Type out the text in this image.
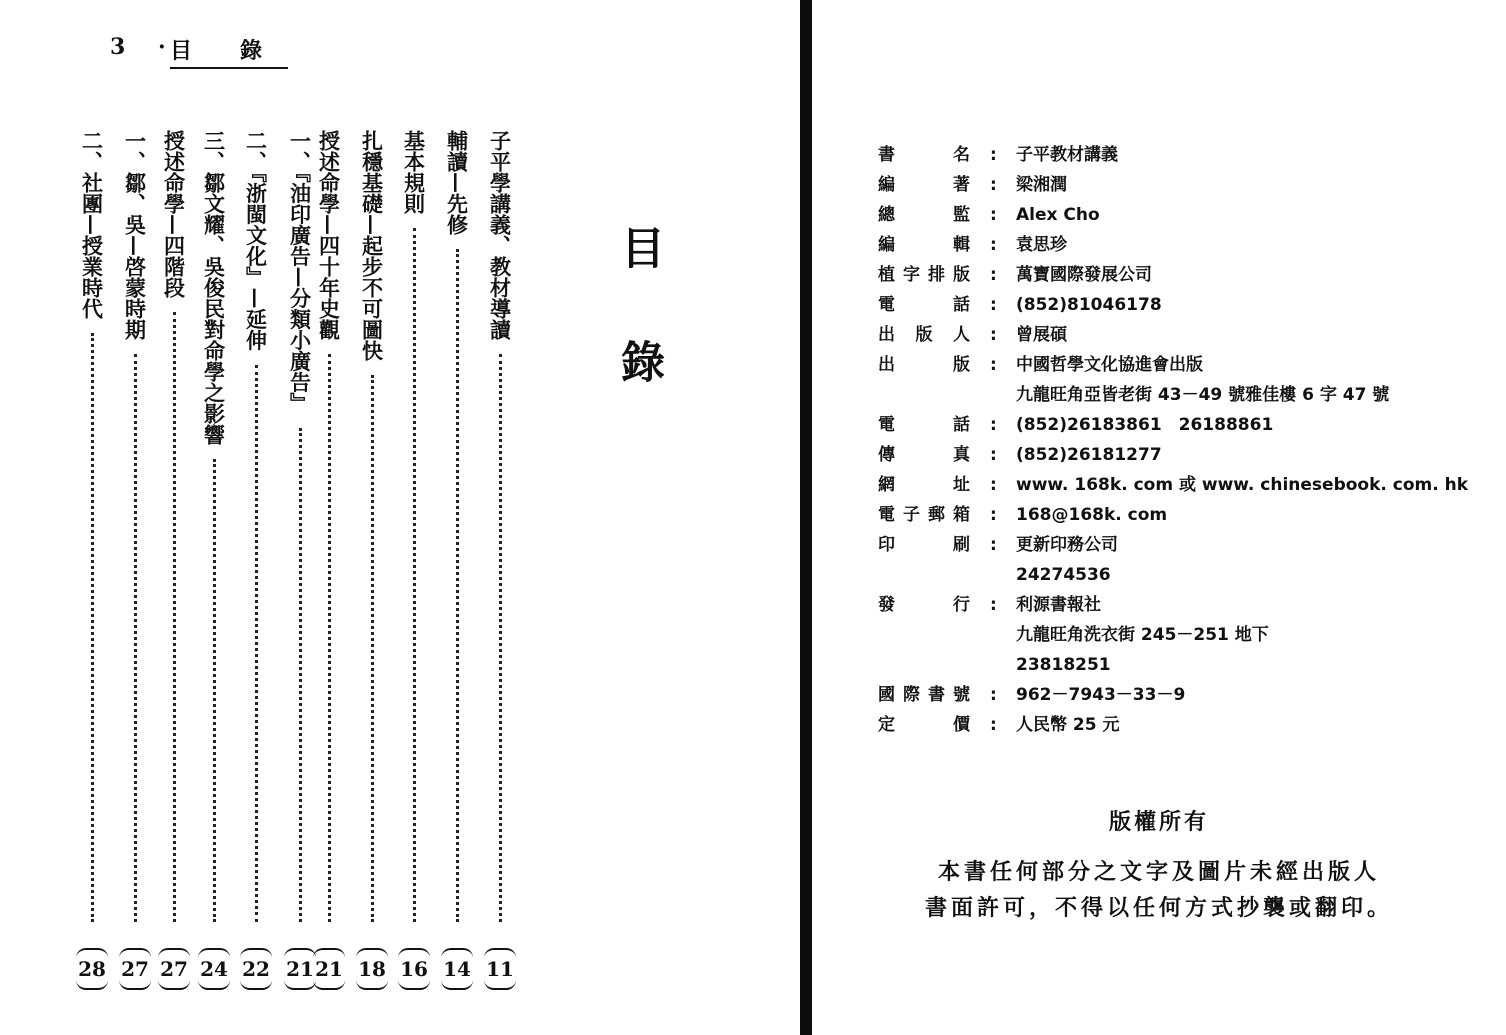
3
· 目錄
目錄
子平學講義、教材導讀
11
輔讀—先修
14
基本規則
16
扎穩基礎—起步不可圖快
18
授述命學—四十年史觀
21
一、『油印廣告—分類小廣告』
21
二、『浙閩文化』—延伸
22
三、鄒文耀、吳俊民對命學之影響
24
授述命學—四階段
27
一、鄒、吳—啓蒙時期
27
二、社團—授業時代
28
書名 : 子平教材講義
編著 : 梁湘潤
總監 : Alex Cho
編輯 : 袁思珍
植字排版 : 萬寶國際發展公司
電話 : (852)81046178
出版人 : 曾展碩
出版 : 中國哲學文化協進會出版
九龍旺角亞皆老街 43－49 號雅佳樓 6 字 47 號
電話 : (852)26183861　26188861
傳真 : (852)26181277
網址 : www. 168k. com 或 www. chinesebook. com. hk
電子郵箱 : 168@168k. com
印刷 : 更新印務公司
24274536
發行 : 利源書報社
九龍旺角洗衣街 245－251 地下
23818251
國際書號 : 962－7943－33－9
定價 : 人民幣 25 元
版權所有
本書任何部分之文字及圖片未經出版人
書面許可，不得以任何方式抄襲或翻印。
